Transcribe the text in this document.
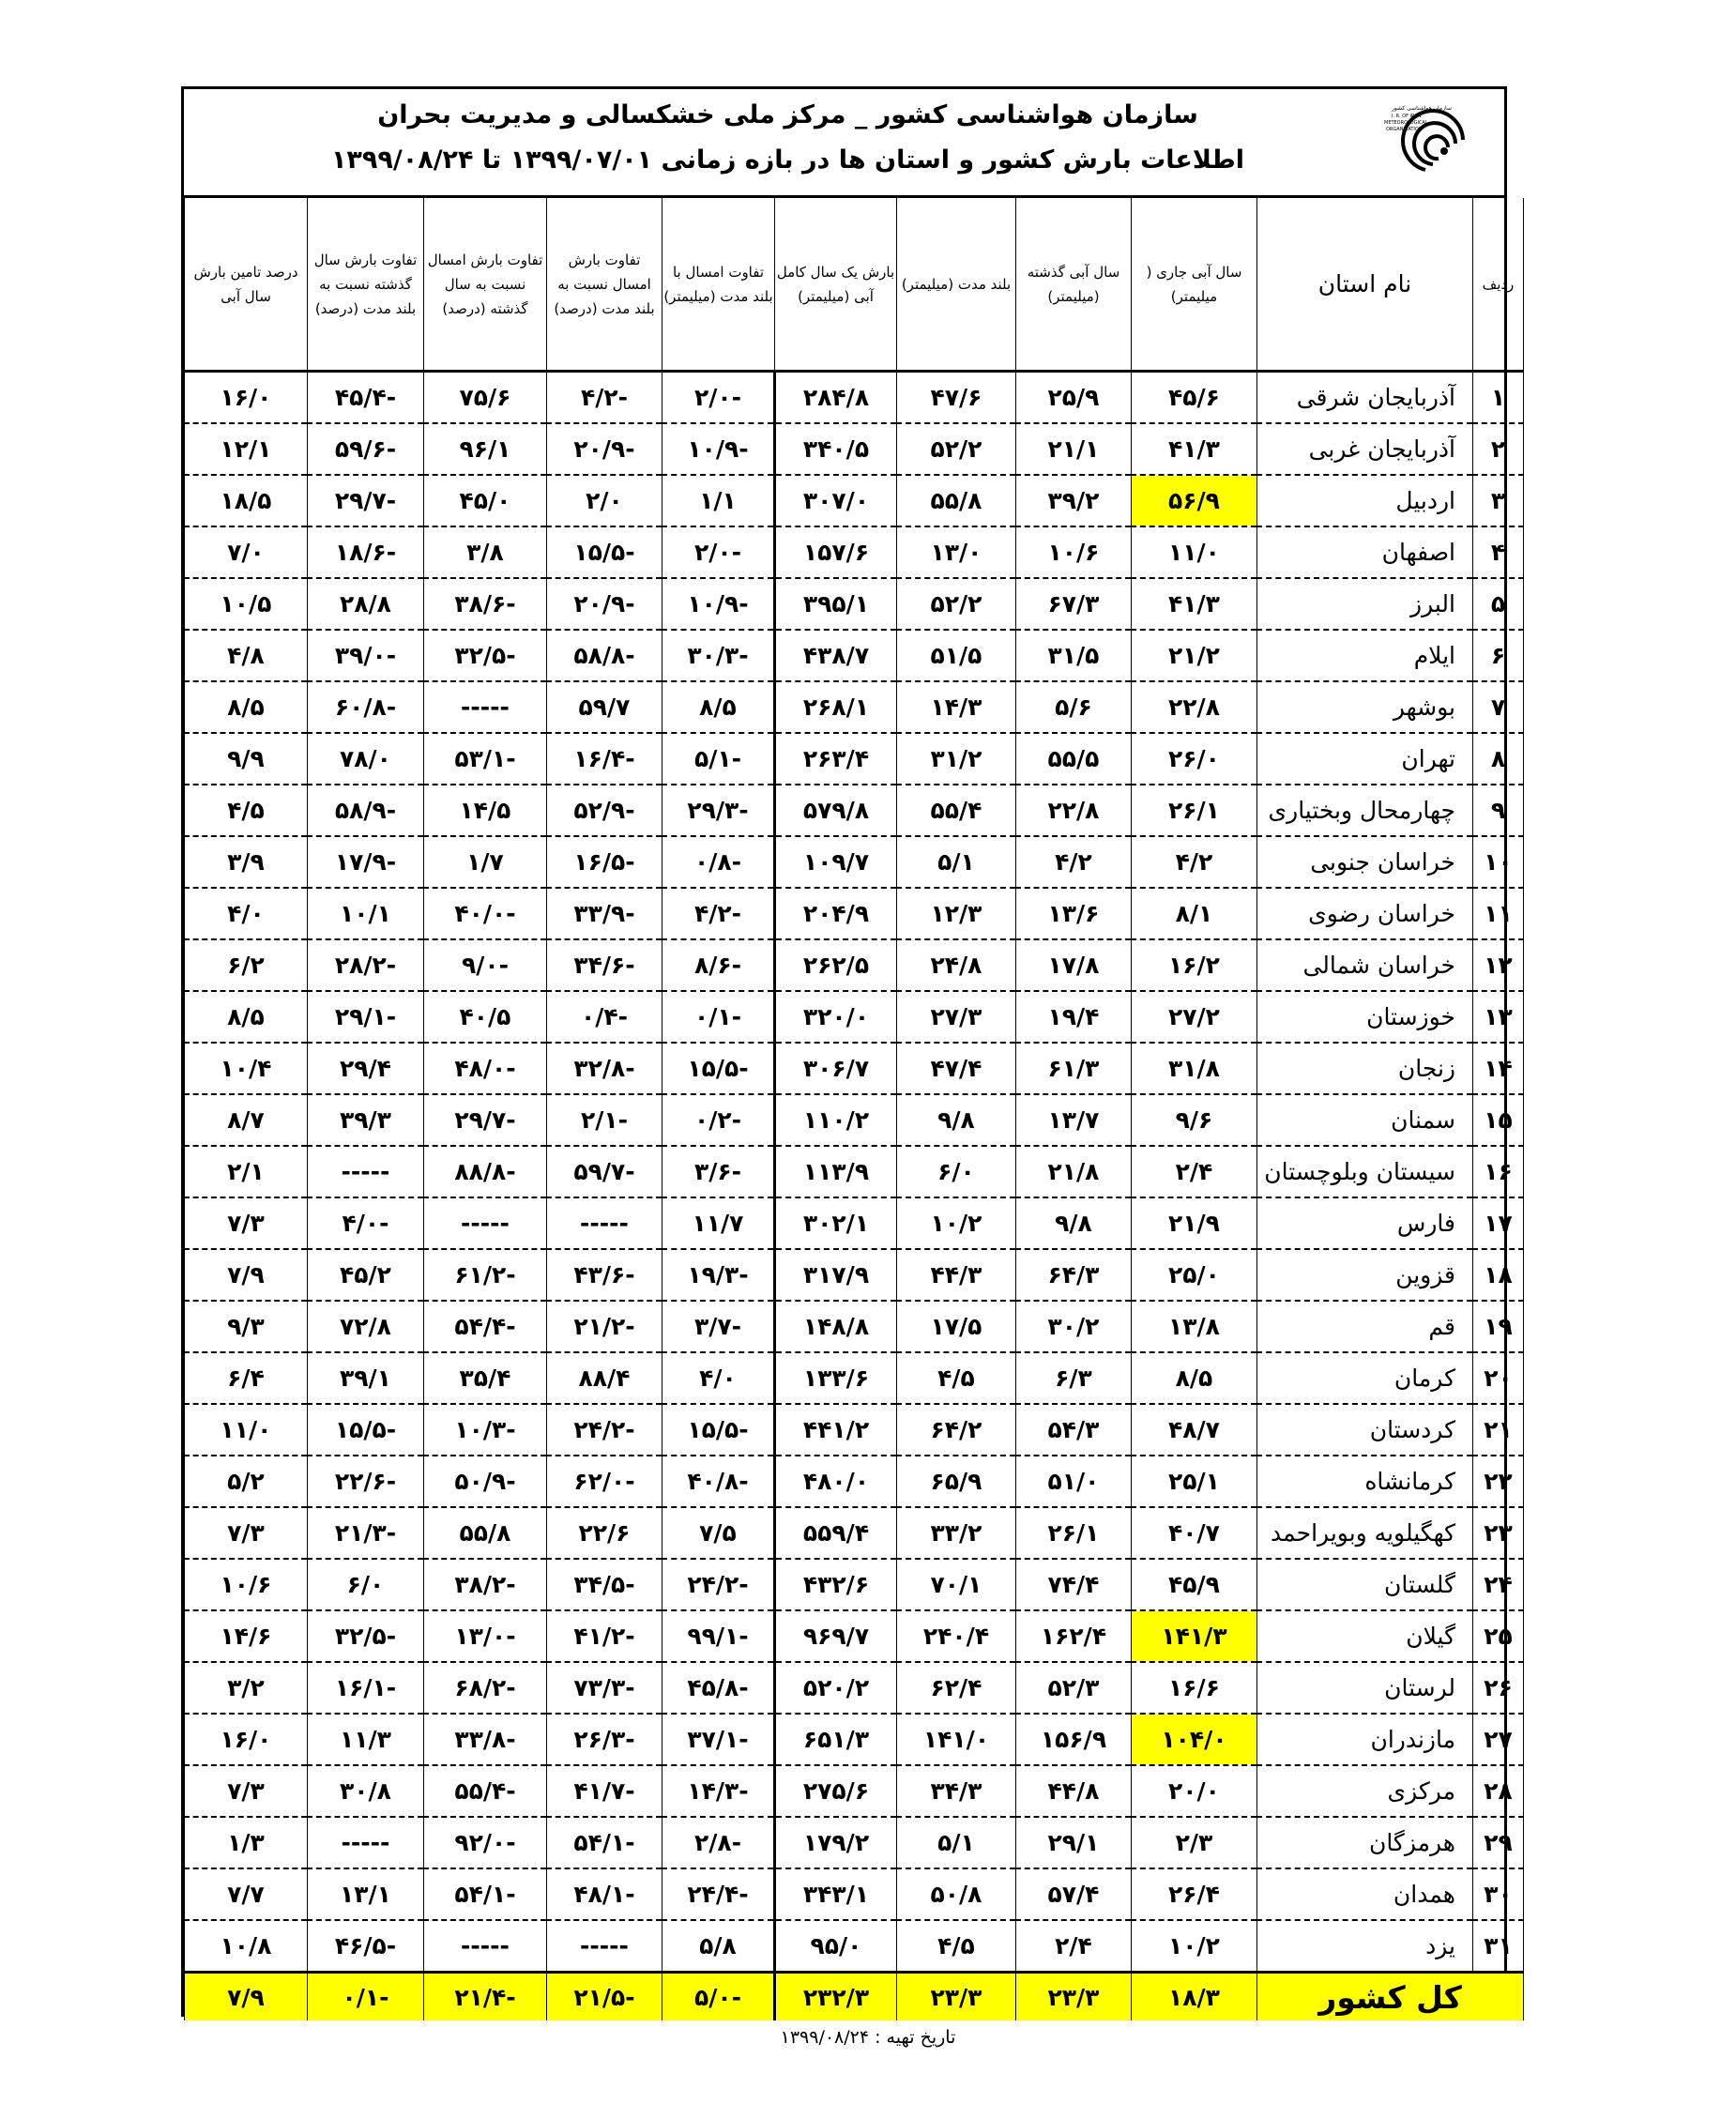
سازمان هواشناسی کشور _ مرکز ملی خشکسالی و مدیریت بحران
اطلاعات بارش کشور و استان ها در بازه زمانی ۱۳۹۹/۰۷/۰۱ تا ۱۳۹۹/۰۸/۲۴
سازمان هواشناسی کشور
I. R. OF IRAN
METEOROLOGICAL
ORGANIZATION
ردیف	نام استان	سال آبی جاری ( میلیمتر)	سال آبی گذشته (میلیمتر)	بلند مدت (میلیمتر)	بارش یک سال کامل آبی (میلیمتر)	تفاوت امسال با بلند مدت (میلیمتر)	تفاوت بارش امسال نسبت به بلند مدت (درصد)	تفاوت بارش امسال نسبت به سال گذشته (درصد)	تفاوت بارش سال گذشته نسبت به بلند مدت (درصد)	درصد تامین بارش سال آبی
۱	آذربایجان شرقی	۴۵/۶	۲۵/۹	۴۷/۶	۲۸۴/۸	-۲/۰	-۴/۲	۷۵/۶	-۴۵/۴	۱۶/۰
۲	آذربایجان غربی	۴۱/۳	۲۱/۱	۵۲/۲	۳۴۰/۵	-۱۰/۹	-۲۰/۹	۹۶/۱	-۵۹/۶	۱۲/۱
۳	اردبیل	۵۶/۹	۳۹/۲	۵۵/۸	۳۰۷/۰	۱/۱	۲/۰	۴۵/۰	-۲۹/۷	۱۸/۵
۴	اصفهان	۱۱/۰	۱۰/۶	۱۳/۰	۱۵۷/۶	-۲/۰	-۱۵/۵	۳/۸	-۱۸/۶	۷/۰
۵	البرز	۴۱/۳	۶۷/۳	۵۲/۲	۳۹۵/۱	-۱۰/۹	-۲۰/۹	-۳۸/۶	۲۸/۸	۱۰/۵
۶	ایلام	۲۱/۲	۳۱/۵	۵۱/۵	۴۳۸/۷	-۳۰/۳	-۵۸/۸	-۳۲/۵	-۳۹/۰	۴/۸
۷	بوشهر	۲۲/۸	۵/۶	۱۴/۳	۲۶۸/۱	۸/۵	۵۹/۷	-----	-۶۰/۸	۸/۵
۸	تهران	۲۶/۰	۵۵/۵	۳۱/۲	۲۶۳/۴	-۵/۱	-۱۶/۴	-۵۳/۱	۷۸/۰	۹/۹
۹	چهارمحال وبختیاری	۲۶/۱	۲۲/۸	۵۵/۴	۵۷۹/۸	-۲۹/۳	-۵۲/۹	۱۴/۵	-۵۸/۹	۴/۵
۱۰	خراسان جنوبی	۴/۲	۴/۲	۵/۱	۱۰۹/۷	-۰/۸	-۱۶/۵	۱/۷	-۱۷/۹	۳/۹
۱۱	خراسان رضوی	۸/۱	۱۳/۶	۱۲/۳	۲۰۴/۹	-۴/۲	-۳۳/۹	-۴۰/۰	۱۰/۱	۴/۰
۱۲	خراسان شمالی	۱۶/۲	۱۷/۸	۲۴/۸	۲۶۲/۵	-۸/۶	-۳۴/۶	-۹/۰	-۲۸/۲	۶/۲
۱۳	خوزستان	۲۷/۲	۱۹/۴	۲۷/۳	۳۲۰/۰	-۰/۱	-۰/۴	۴۰/۵	-۲۹/۱	۸/۵
۱۴	زنجان	۳۱/۸	۶۱/۳	۴۷/۴	۳۰۶/۷	-۱۵/۵	-۳۲/۸	-۴۸/۰	۲۹/۴	۱۰/۴
۱۵	سمنان	۹/۶	۱۳/۷	۹/۸	۱۱۰/۲	-۰/۲	-۲/۱	-۲۹/۷	۳۹/۳	۸/۷
۱۶	سیستان وبلوچستان	۲/۴	۲۱/۸	۶/۰	۱۱۳/۹	-۳/۶	-۵۹/۷	-۸۸/۸	-----	۲/۱
۱۷	فارس	۲۱/۹	۹/۸	۱۰/۲	۳۰۲/۱	۱۱/۷	-----	-----	-۴/۰	۷/۳
۱۸	قزوین	۲۵/۰	۶۴/۳	۴۴/۳	۳۱۷/۹	-۱۹/۳	-۴۳/۶	-۶۱/۲	۴۵/۲	۷/۹
۱۹	قم	۱۳/۸	۳۰/۲	۱۷/۵	۱۴۸/۸	-۳/۷	-۲۱/۲	-۵۴/۴	۷۲/۸	۹/۳
۲۰	کرمان	۸/۵	۶/۳	۴/۵	۱۳۳/۶	۴/۰	۸۸/۴	۳۵/۴	۳۹/۱	۶/۴
۲۱	کردستان	۴۸/۷	۵۴/۳	۶۴/۲	۴۴۱/۲	-۱۵/۵	-۲۴/۲	-۱۰/۳	-۱۵/۵	۱۱/۰
۲۲	کرمانشاه	۲۵/۱	۵۱/۰	۶۵/۹	۴۸۰/۰	-۴۰/۸	-۶۲/۰	-۵۰/۹	-۲۲/۶	۵/۲
۲۳	کهگیلویه وبویراحمد	۴۰/۷	۲۶/۱	۳۳/۲	۵۵۹/۴	۷/۵	۲۲/۶	۵۵/۸	-۲۱/۳	۷/۳
۲۴	گلستان	۴۵/۹	۷۴/۴	۷۰/۱	۴۳۲/۶	-۲۴/۲	-۳۴/۵	-۳۸/۲	۶/۰	۱۰/۶
۲۵	گیلان	۱۴۱/۳	۱۶۲/۴	۲۴۰/۴	۹۶۹/۷	-۹۹/۱	-۴۱/۲	-۱۳/۰	-۳۲/۵	۱۴/۶
۲۶	لرستان	۱۶/۶	۵۲/۳	۶۲/۴	۵۲۰/۲	-۴۵/۸	-۷۳/۳	-۶۸/۲	-۱۶/۱	۳/۲
۲۷	مازندران	۱۰۴/۰	۱۵۶/۹	۱۴۱/۰	۶۵۱/۳	-۳۷/۱	-۲۶/۳	-۳۳/۸	۱۱/۳	۱۶/۰
۲۸	مرکزی	۲۰/۰	۴۴/۸	۳۴/۳	۲۷۵/۶	-۱۴/۳	-۴۱/۷	-۵۵/۴	۳۰/۸	۷/۳
۲۹	هرمزگان	۲/۳	۲۹/۱	۵/۱	۱۷۹/۲	-۲/۸	-۵۴/۱	-۹۲/۰	-----	۱/۳
۳۰	همدان	۲۶/۴	۵۷/۴	۵۰/۸	۳۴۳/۱	-۲۴/۴	-۴۸/۱	-۵۴/۱	۱۳/۱	۷/۷
۳۱	یزد	۱۰/۲	۲/۴	۴/۵	۹۵/۰	۵/۸	-----	-----	-۴۶/۵	۱۰/۸
کل کشور		۱۸/۳	۲۳/۳	۲۳/۳	۲۳۲/۳	-۵/۰	-۲۱/۵	-۲۱/۴	-۰/۱	۷/۹
تاریخ تهیه : ۱۳۹۹/۰۸/۲۴
